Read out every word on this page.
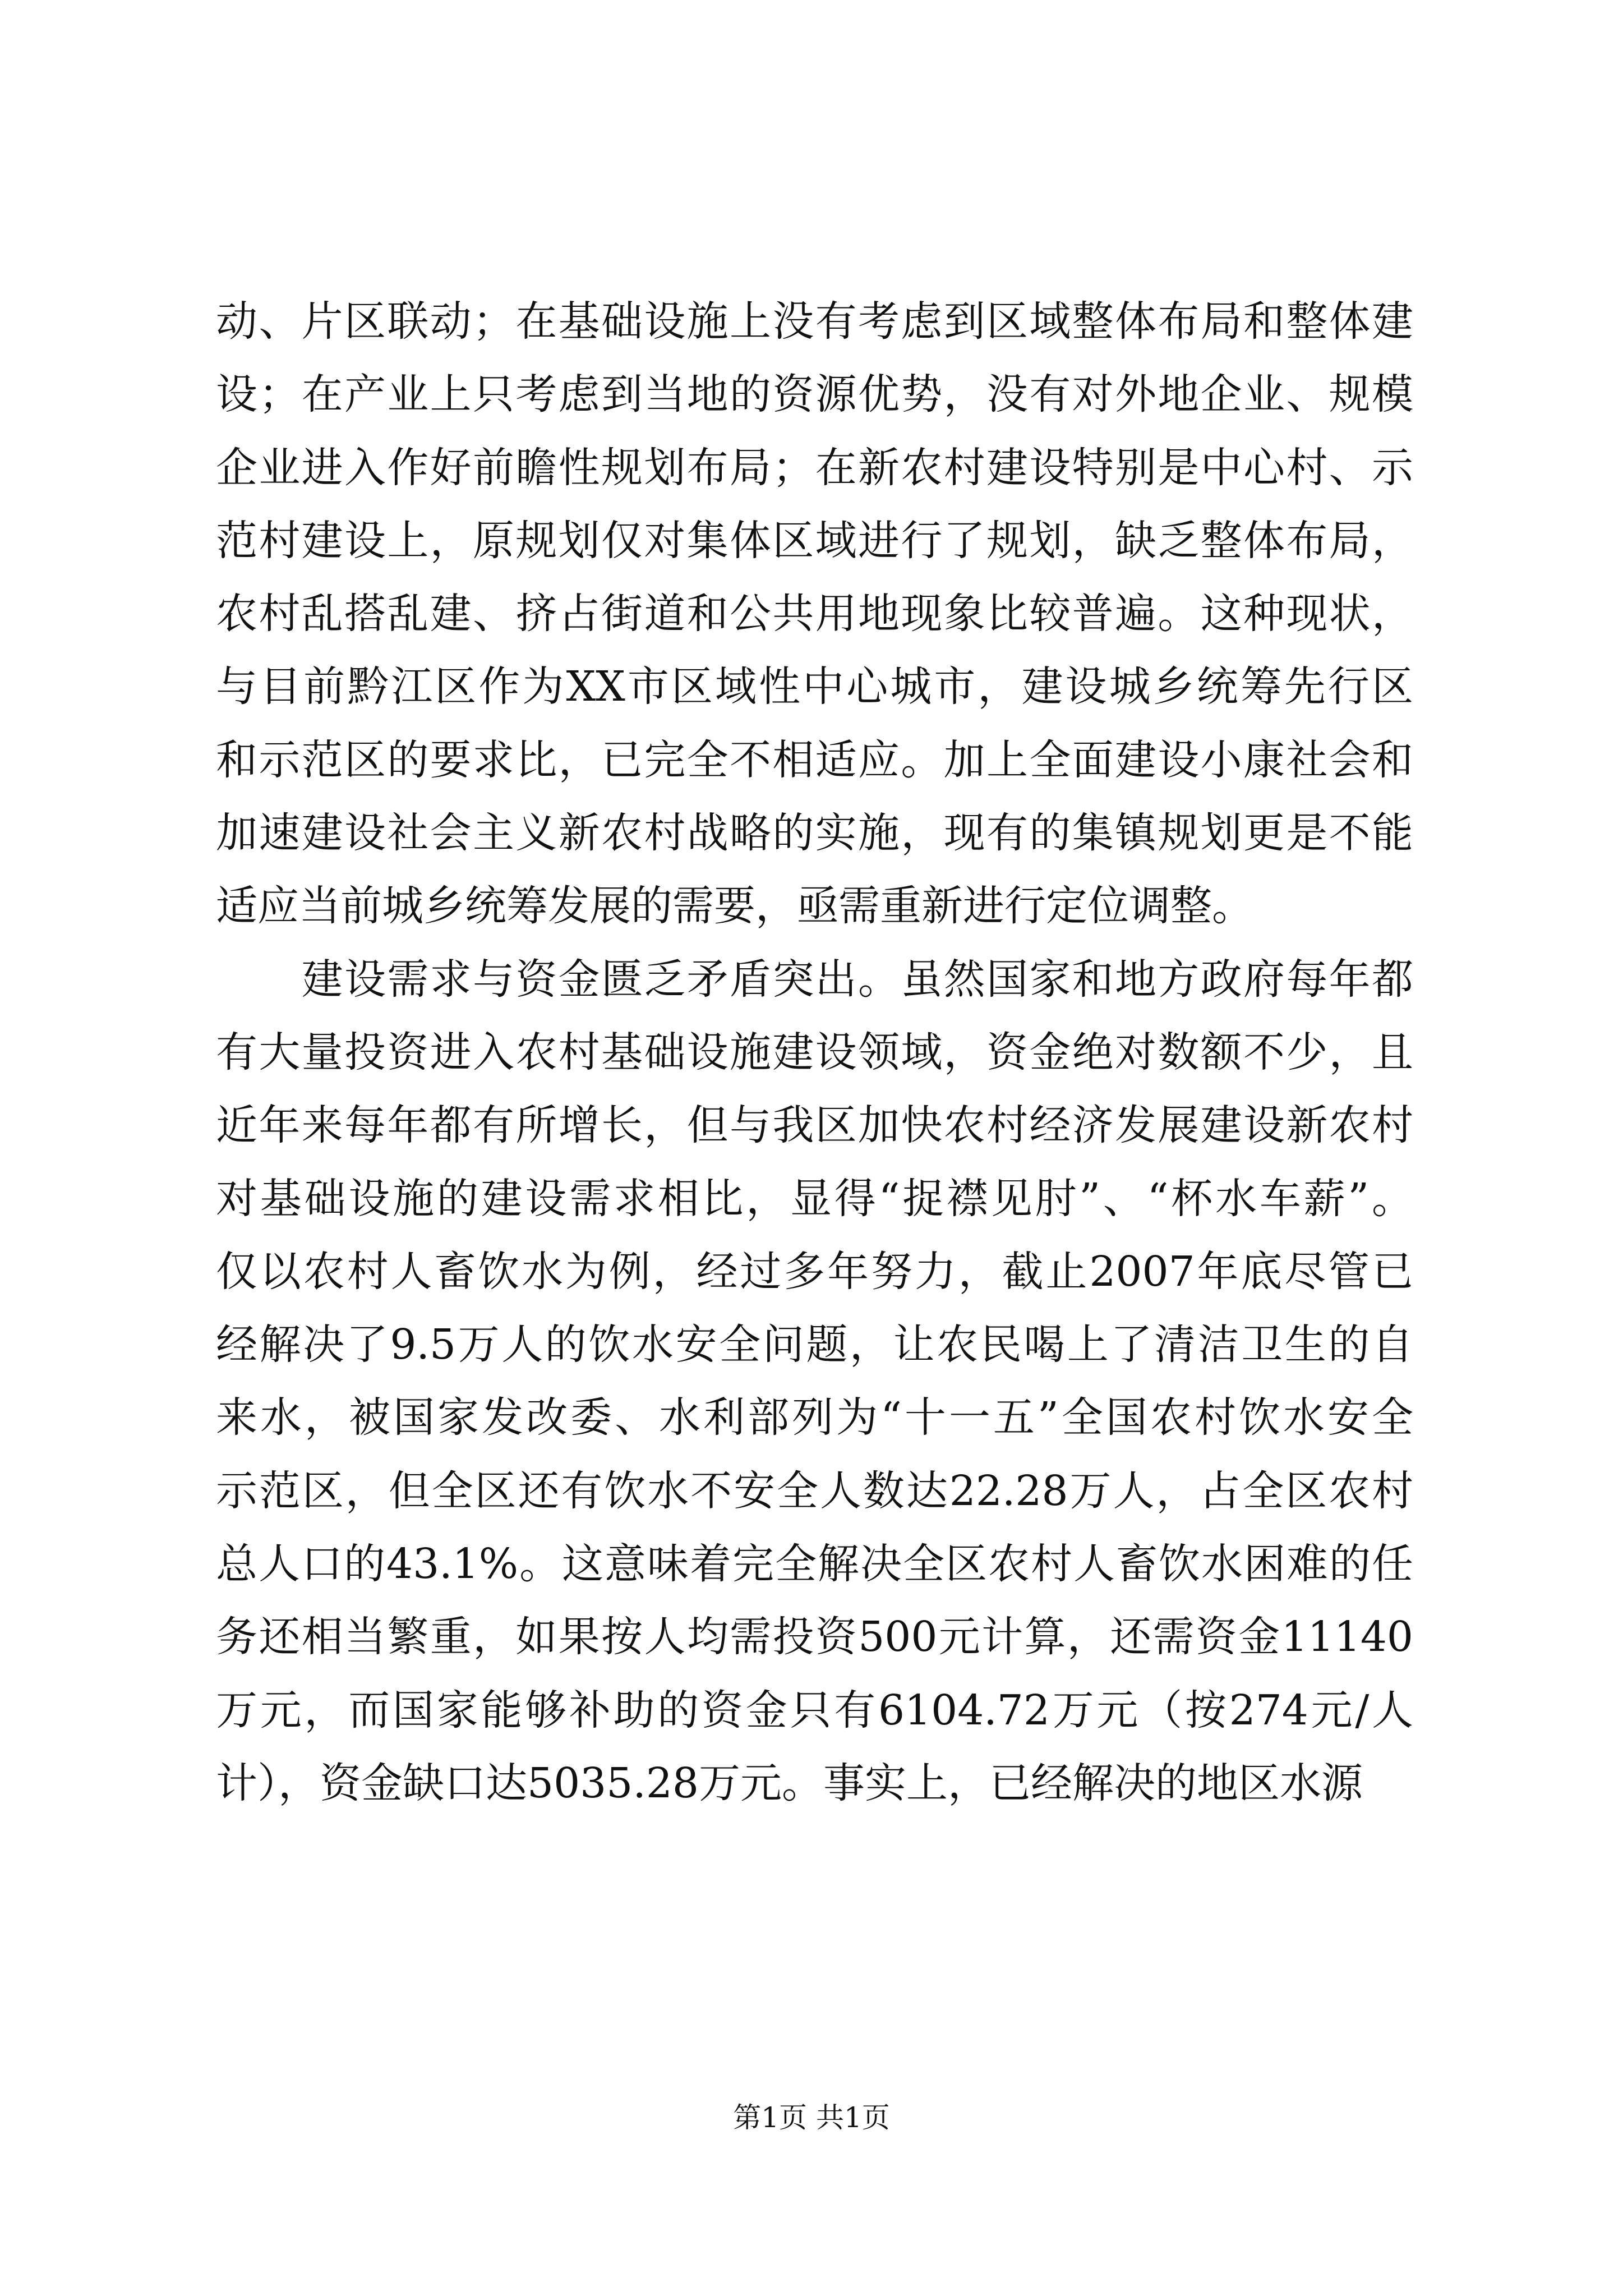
动、片区联动；在基础设施上没有考虑到区域整体布局和整体建
设；在产业上只考虑到当地的资源优势，没有对外地企业、规模
企业进入作好前瞻性规划布局；在新农村建设特别是中心村、示
范村建设上，原规划仅对集体区域进行了规划，缺乏整体布局，
农村乱搭乱建、挤占街道和公共用地现象比较普遍。这种现状，
与目前黔江区作为XX市区域性中心城市，建设城乡统筹先行区
和示范区的要求比，已完全不相适应。加上全面建设小康社会和
加速建设社会主义新农村战略的实施，现有的集镇规划更是不能
适应当前城乡统筹发展的需要，亟需重新进行定位调整。
　　建设需求与资金匮乏矛盾突出。虽然国家和地方政府每年都
有大量投资进入农村基础设施建设领域，资金绝对数额不少，且
近年来每年都有所增长，但与我区加快农村经济发展建设新农村
对基础设施的建设需求相比，显得“捉襟见肘”、“杯水车薪”。
仅以农村人畜饮水为例，经过多年努力，截止2007年底尽管已
经解决了9.5万人的饮水安全问题，让农民喝上了清洁卫生的自
来水，被国家发改委、水利部列为“十一五”全国农村饮水安全
示范区，但全区还有饮水不安全人数达22.28万人，占全区农村
总人口的43.1%。这意味着完全解决全区农村人畜饮水困难的任
务还相当繁重，如果按人均需投资500元计算，还需资金11140
万元，而国家能够补助的资金只有6104.72万元（按274元/人
计），资金缺口达5035.28万元。事实上，已经解决的地区水源
第1页 共1页
